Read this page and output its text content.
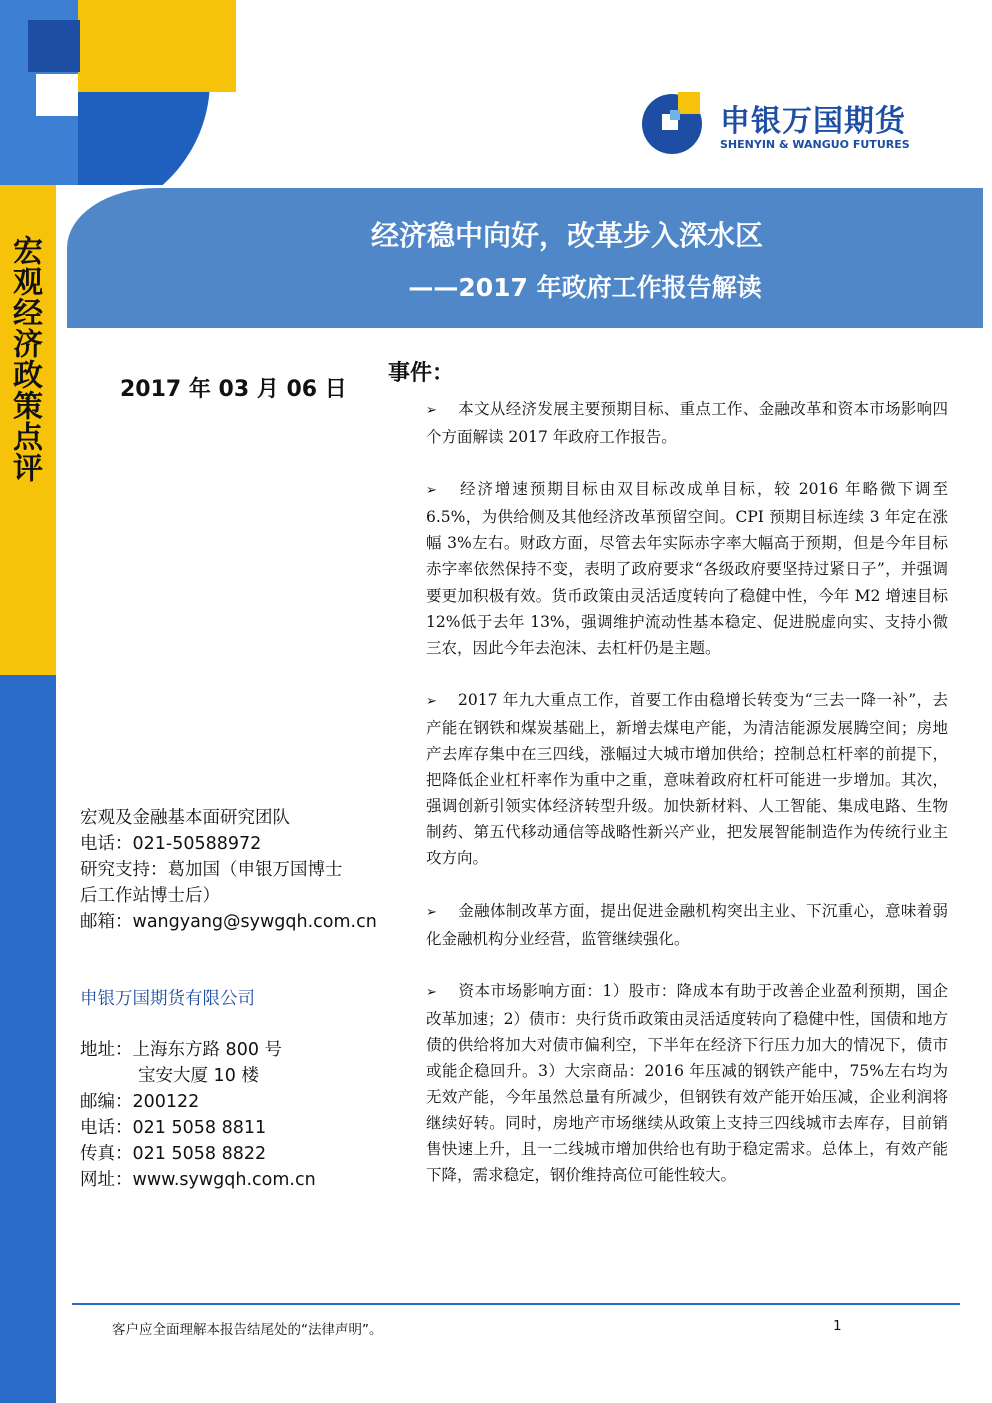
宏观经济政策点评
申银万国期货
SHENYIN & WANGUO FUTURES
经济稳中向好，改革步入深水区
——2017 年政府工作报告解读
2017 年 03 月 06 日
事件：

➢ 本文从经济发展主要预期目标、重点工作、金融改革和资本市场影响四个方面解读 2017 年政府工作报告。

➢ 经济增速预期目标由双目标改成单目标，较 2016 年略微下调至 6.5%，为供给侧及其他经济改革预留空间。CPI 预期目标连续 3 年定在涨幅 3%左右。财政方面，尽管去年实际赤字率大幅高于预期，但是今年目标赤字率依然保持不变，表明了政府要求“各级政府要坚持过紧日子”，并强调要更加积极有效。货币政策由灵活适度转向了稳健中性，今年 M2 增速目标 12%低于去年 13%，强调维护流动性基本稳定、促进脱虚向实、支持小微三农，因此今年去泡沫、去杠杆仍是主题。

➢ 2017 年九大重点工作，首要工作由稳增长转变为“三去一降一补”，去产能在钢铁和煤炭基础上，新增去煤电产能，为清洁能源发展腾空间；房地产去库存集中在三四线，涨幅过大城市增加供给；控制总杠杆率的前提下，把降低企业杠杆率作为重中之重，意味着政府杠杆可能进一步增加。其次，强调创新引领实体经济转型升级。加快新材料、人工智能、集成电路、生物制药、第五代移动通信等战略性新兴产业，把发展智能制造作为传统行业主攻方向。

➢ 金融体制改革方面，提出促进金融机构突出主业、下沉重心，意味着弱化金融机构分业经营，监管继续强化。

➢ 资本市场影响方面：1）股市：降成本有助于改善企业盈利预期，国企改革加速；2）债市：央行货币政策由灵活适度转向了稳健中性，国债和地方债的供给将加大对债市偏利空，下半年在经济下行压力加大的情况下，债市或能企稳回升。3）大宗商品：2016 年压减的钢铁产能中，75%左右均为无效产能，今年虽然总量有所减少，但钢铁有效产能开始压减，企业利润将继续好转。同时，房地产市场继续从政策上支持三四线城市去库存，目前销售快速上升，且一二线城市增加供给也有助于稳定需求。总体上，有效产能下降，需求稳定，钢价维持高位可能性较大。

宏观及金融基本面研究团队
电话：021-50588972
研究支持：葛加国（申银万国博士
后工作站博士后）
邮箱：wangyang@sywgqh.com.cn
申银万国期货有限公司
地址：上海东方路 800 号
宝安大厦 10 楼
邮编：200122
电话：021 5058 8811
传真：021 5058 8822
网址：www.sywgqh.com.cn
客户应全面理解本报告结尾处的“法律声明”。	1
